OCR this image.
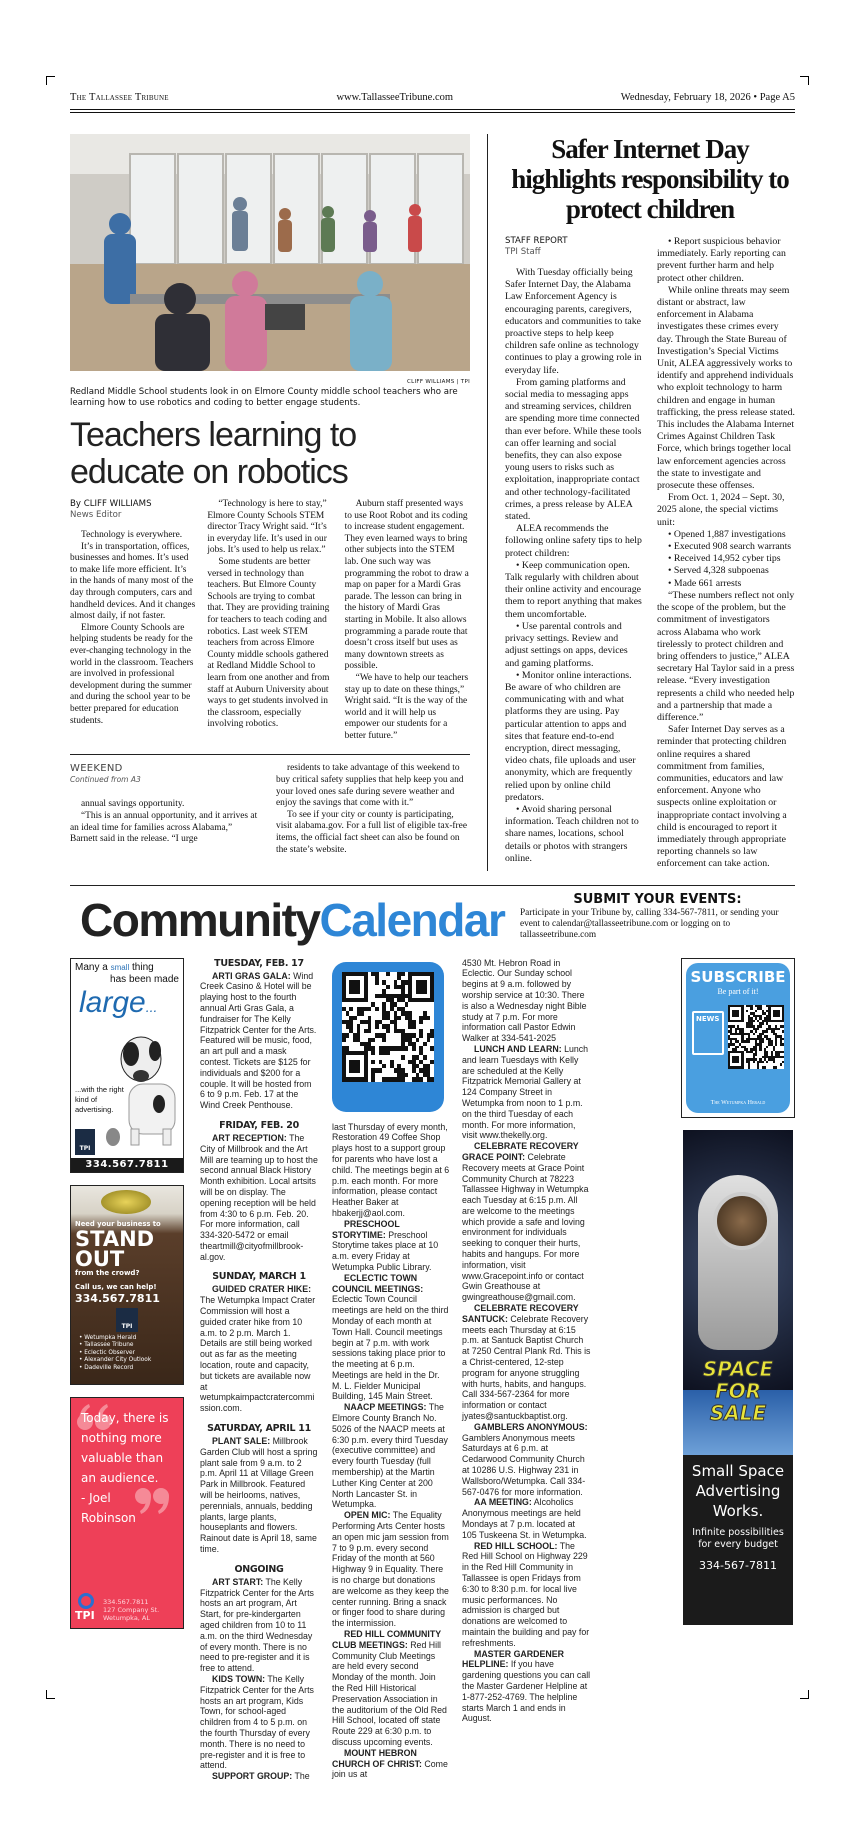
The Tallassee Tribune	www.TallasseeTribune.com	Wednesday, February 18, 2026 • Page A5
CLIFF WILLIAMS | TPI
Redland Middle School students look in on Elmore County middle school teachers who are learning how to use robotics and coding to better engage students.
Teachers learning to educate on robotics

By CLIFF WILLIAMS

News Editor

Technology is everywhere.

It’s in transportation, offices, businesses and homes. It’s used to make life more efficient. It’s in the hands of many most of the day through computers, cars and handheld devices. And it changes almost daily, if not faster.

Elmore County Schools are helping students be ready for the ever-changing technology in the world in the classroom. Teachers are involved in professional development during the summer and during the school year to be better prepared for education students.

“Technology is here to stay,” Elmore County Schools STEM director Tracy Wright said. “It’s in everyday life. It’s used in our jobs. It’s used to help us relax.”

Some students are better versed in technology than teachers. But Elmore County Schools are trying to combat that. They are providing training for teachers to teach coding and robotics. Last week STEM teachers from across Elmore County middle schools gathered at Redland Middle School to learn from one another and from staff at Auburn University about ways to get students involved in the classroom, especially involving robotics.

Auburn staff presented ways to use Root Robot and its coding to increase student engagement. They even learned ways to bring other subjects into the STEM lab. One such way was programming the robot to draw a map on paper for a Mardi Gras parade. The lesson can bring in the history of Mardi Gras starting in Mobile. It also allows programming a parade route that doesn’t cross itself but uses as many downtown streets as possible.

“We have to help our teachers stay up to date on these things,” Wright said. “It is the way of the world and it will help us empower our students for a better future.”

WEEKEND
Continued from A3

annual savings opportunity.

“This is an annual opportunity, and it arrives at an ideal time for families across Alabama,” Barnett said in the release. “I urge

residents to take advantage of this weekend to buy critical safety supplies that help keep you and your loved ones safe during severe weather and enjoy the savings that come with it.”

To see if your city or county is participating, visit alabama.gov. For a full list of eligible tax-free items, the official fact sheet can also be found on the state’s website.

Safer Internet Day highlights responsibility to protect children

STAFF REPORT

TPI Staff

With Tuesday officially being Safer Internet Day, the Alabama Law Enforcement Agency is encouraging parents, caregivers, educators and communities to take proactive steps to help keep children safe online as technology continues to play a growing role in everyday life.

From gaming platforms and social media to messaging apps and streaming services, children are spending more time connected than ever before. While these tools can offer learning and social benefits, they can also expose young users to risks such as exploitation, inappropriate contact and other technology-facilitated crimes, a press release by ALEA stated.

ALEA recommends the following online safety tips to help protect children:

• Keep communication open. Talk regularly with children about their online activity and encourage them to report anything that makes them uncomfortable.

• Use parental controls and privacy settings. Review and adjust settings on apps, devices and gaming platforms.

• Monitor online interactions. Be aware of who children are communicating with and what platforms they are using. Pay particular attention to apps and sites that feature end-to-end encryption, direct messaging, video chats, file uploads and user anonymity, which are frequently relied upon by online child predators.

• Avoid sharing personal information. Teach children not to share names, locations, school details or photos with strangers online.

• Report suspicious behavior immediately. Early reporting can prevent further harm and help protect other children.

While online threats may seem distant or abstract, law enforcement in Alabama investigates these crimes every day. Through the State Bureau of Investigation’s Special Victims Unit, ALEA aggressively works to identify and apprehend individuals who exploit technology to harm children and engage in human trafficking, the press release stated. This includes the Alabama Internet Crimes Against Children Task Force, which brings together local law enforcement agencies across the state to investigate and prosecute these offenses.

From Oct. 1, 2024 – Sept. 30, 2025 alone, the special victims unit:

• Opened 1,887 investigations

• Executed 908 search warrants

• Received 14,952 cyber tips

• Served 4,328 subpoenas

• Made 661 arrests

“These numbers reflect not only the scope of the problem, but the commitment of investigators across Alabama who work tirelessly to protect children and bring offenders to justice,” ALEA secretary Hal Taylor said in a press release. “Every investigation represents a child who needed help and a partnership that made a difference.”

Safer Internet Day serves as a reminder that protecting children online requires a shared commitment from families, communities, educators and law enforcement. Anyone who suspects online exploitation or inappropriate contact involving a child is encouraged to report it immediately through appropriate reporting channels so law enforcement can take action.

CommunityCalendar	SUBMIT YOUR EVENTS:
Participate in your Tribune by, calling 334-567-7811, or sending your event to calendar@tallasseetribune.com or logging on to tallasseetribune.com
Many a small thing
has been made
large...
...with the right kind of advertising.
TPI
334.567.7811
Need your business to
STAND
OUT
from the crowd?
Call us, we can help!
334.567.7811
TPI
• Wetumpka Herald
• Tallassee Tribune
• Eclectic Observer
• Alexander City Outlook
• Dadeville Record
Today, there is nothing more valuable than an audience.
- Joel Robinson
TPI
334.567.7811
127 Company St.
Wetumpka, AL
TUESDAY, FEB. 17

ARTI GRAS GALA: Wind Creek Casino & Hotel will be playing host to the fourth annual Arti Gras Gala, a fundraiser for The Kelly Fitzpatrick Center for the Arts. Featured will be music, food, an art pull and a mask contest. Tickets are $125 for individuals and $200 for a couple. It will be hosted from 6 to 9 p.m. Feb. 17 at the Wind Creek Penthouse.

FRIDAY, FEB. 20

ART RECEPTION: The City of Millbrook and the Art Mill are teaming up to host the second annual Black History Month exhibition. Local artsits will be on display. The opening reception will be held from 4:30 to 6 p.m. Feb. 20. For more information, call 334-320-5472 or email theartmill@cityofmillbrook-al.gov.

SUNDAY, MARCH 1

GUIDED CRATER HIKE: The Wetumpka Impact Crater Commission will host a guided crater hike from 10 a.m. to 2 p.m. March 1. Details are still being worked out as far as the meeting location, route and capacity, but tickets are available now at wetumpkaimpactcratercommission.com.

SATURDAY, APRIL 11

PLANT SALE: Millbrook Garden Club will host a spring plant sale from 9 a.m. to 2 p.m. April 11 at Village Green Park in Millbrook. Featured will be heirlooms, natives, perennials, annuals, bedding plants, large plants, houseplants and flowers. Rainout date is April 18, same time.

ONGOING

ART START: The Kelly Fitzpatrick Center for the Arts hosts an art program, Art Start, for pre-kindergarten aged children from 10 to 11 a.m. on the third Wednesday of every month. There is no need to pre-register and it is free to attend.

KIDS TOWN: The Kelly Fitzpatrick Center for the Arts hosts an art program, Kids Town, for school-aged children from 4 to 5 p.m. on the fourth Thursday of every month. There is no need to pre-register and it is free to attend.

SUPPORT GROUP: The

last Thursday of every month, Restoration 49 Coffee Shop plays host to a support group for parents who have lost a child. The meetings begin at 6 p.m. each month. For more information, please contact Heather Baker at hbakerjj@aol.com.

PRESCHOOL STORYTIME: Preschool Storytime takes place at 10 a.m. every Friday at Wetumpka Public Library.

ECLECTIC TOWN COUNCIL MEETINGS: Eclectic Town Council meetings are held on the third Monday of each month at Town Hall. Council meetings begin at 7 p.m. with work sessions taking place prior to the meeting at 6 p.m. Meetings are held in the Dr. M. L. Fielder Municipal Building, 145 Main Street.

NAACP MEETINGS: The Elmore County Branch No. 5026 of the NAACP meets at 6:30 p.m. every third Tuesday (executive committee) and every fourth Tuesday (full membership) at the Martin Luther King Center at 200 North Lancaster St. in Wetumpka.

OPEN MIC: The Equality Performing Arts Center hosts an open mic jam session from 7 to 9 p.m. every second Friday of the month at 560 Highway 9 in Equality. There is no charge but donations are welcome as they keep the center running. Bring a snack or finger food to share during the intermission.

RED HILL COMMUNITY CLUB MEETINGS: Red Hill Community Club Meetings are held every second Monday of the month. Join the Red Hill Historical Preservation Association in the auditorium of the Old Red Hill School, located off state Route 229 at 6:30 p.m. to discuss upcoming events.

MOUNT HEBRON CHURCH OF CHRIST: Come join us at

4530 Mt. Hebron Road in Eclectic. Our Sunday school begins at 9 a.m. followed by worship service at 10:30. There is also a Wednesday night Bible study at 7 p.m. For more information call Pastor Edwin Walker at 334-541-2025

LUNCH AND LEARN: Lunch and learn Tuesdays with Kelly are scheduled at the Kelly Fitzpatrick Memorial Gallery at 124 Company Street in Wetumpka from noon to 1 p.m. on the third Tuesday of each month. For more information, visit www.thekelly.org.

CELEBRATE RECOVERY GRACE POINT: Celebrate Recovery meets at Grace Point Community Church at 78223 Tallassee Highway in Wetumpka each Tuesday at 6:15 p.m. All are welcome to the meetings which provide a safe and loving environment for individuals seeking to conquer their hurts, habits and hangups. For more information, visit www.Gracepoint.info or contact Gwin Greathouse at gwingreathouse@gmail.com.

CELEBRATE RECOVERY SANTUCK: Celebrate Recovery meets each Thursday at 6:15 p.m. at Santuck Baptist Church at 7250 Central Plank Rd. This is a Christ-centered, 12-step program for anyone struggling with hurts, habits, and hangups. Call 334-567-2364 for more information or contact jyates@santuckbaptist.org.

GAMBLERS ANONYMOUS: Gamblers Anonymous meets Saturdays at 6 p.m. at Cedarwood Community Church at 10286 U.S. Highway 231 in Wallsboro/Wetumpka. Call 334-567-0476 for more information.

AA MEETING: Alcoholics Anonymous meetings are held Mondays at 7 p.m. located at 105 Tuskeena St. in Wetumpka.

RED HILL SCHOOL: The Red Hill School on Highway 229 in the Red Hill Community in Tallassee is open Fridays from 6:30 to 8:30 p.m. for local live music performances. No admission is charged but donations are welcomed to maintain the building and pay for refreshments.

MASTER GARDENER HELPLINE: If you have gardening questions you can call the Master Gardener Helpline at 1-877-252-4769. The helpline starts March 1 and ends in August.

SUBSCRIBE
Be part of it!
NEWS
The Wetumpka Herald
SPACE
FOR
SALE
Small Space Advertising Works.
Infinite possibilities for every budget
334-567-7811
